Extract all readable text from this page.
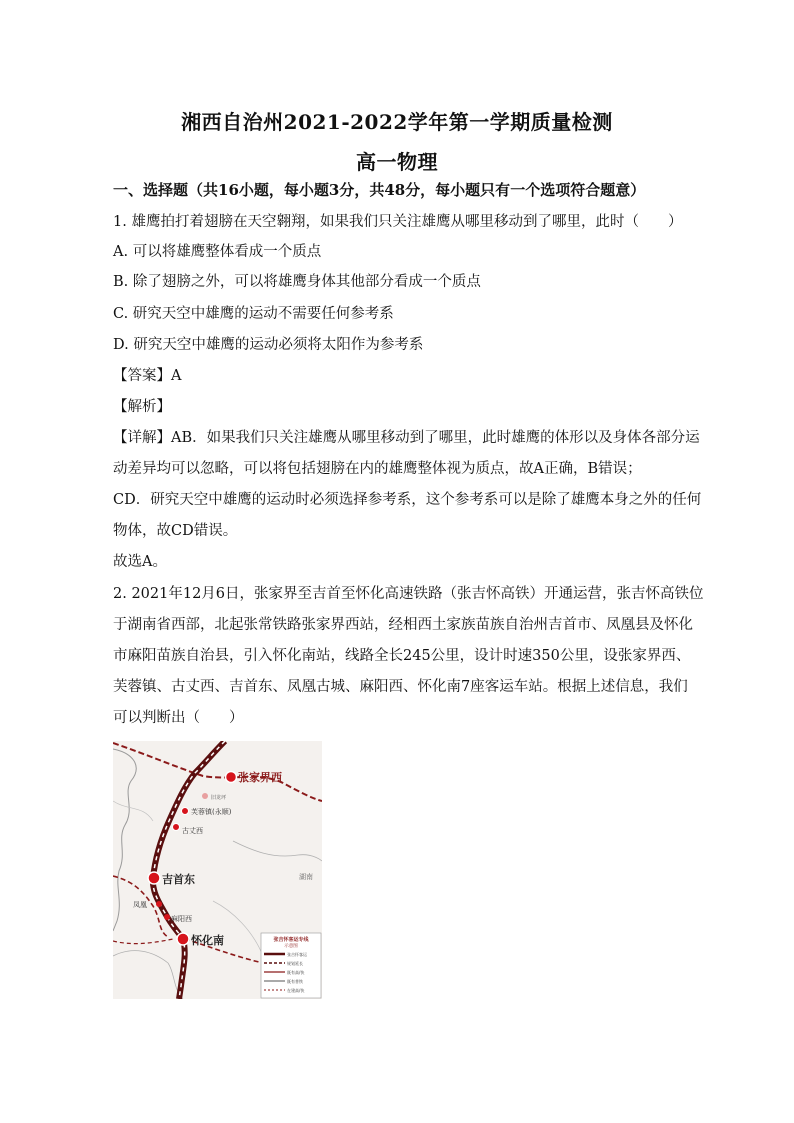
湘西自治州2021-2022学年第一学期质量检测
高一物理
一、选择题（共16小题，每小题3分，共48分，每小题只有一个选项符合题意）
1. 雄鹰拍打着翅膀在天空翱翔，如果我们只关注雄鹰从哪里移动到了哪里，此时（　　）
A. 可以将雄鹰整体看成一个质点
B. 除了翅膀之外，可以将雄鹰身体其他部分看成一个质点
C. 研究天空中雄鹰的运动不需要任何参考系
D. 研究天空中雄鹰的运动必须将太阳作为参考系
【答案】A
【解析】
【详解】AB．如果我们只关注雄鹰从哪里移动到了哪里，此时雄鹰的体形以及身体各部分运
动差异均可以忽略，可以将包括翅膀在内的雄鹰整体视为质点，故A正确，B错误；
CD．研究天空中雄鹰的运动时必须选择参考系，这个参考系可以是除了雄鹰本身之外的任何
物体，故CD错误。
故选A。
2. 2021年12月6日，张家界至吉首至怀化高速铁路（张吉怀高铁）开通运营，张吉怀高铁位
于湖南省西部，北起张常铁路张家界西站，经相西土家族苗族自治州吉首市、凤凰县及怀化
市麻阳苗族自治县，引入怀化南站，线路全长245公里，设计时速350公里，设张家界西、
芙蓉镇、古丈西、吉首东、凤凰古城、麻阳西、怀化南7座客运车站。根据上述信息，我们
可以判断出（　　）
张家界西
旧龙坪
芙蓉镇(永顺)
古丈西
吉首东
凤凰
麻阳西
怀化南
湖南
张吉怀客运专线
示意图
张吉怀客运
规划延长
既有高/快
既有普铁
在建高/快
